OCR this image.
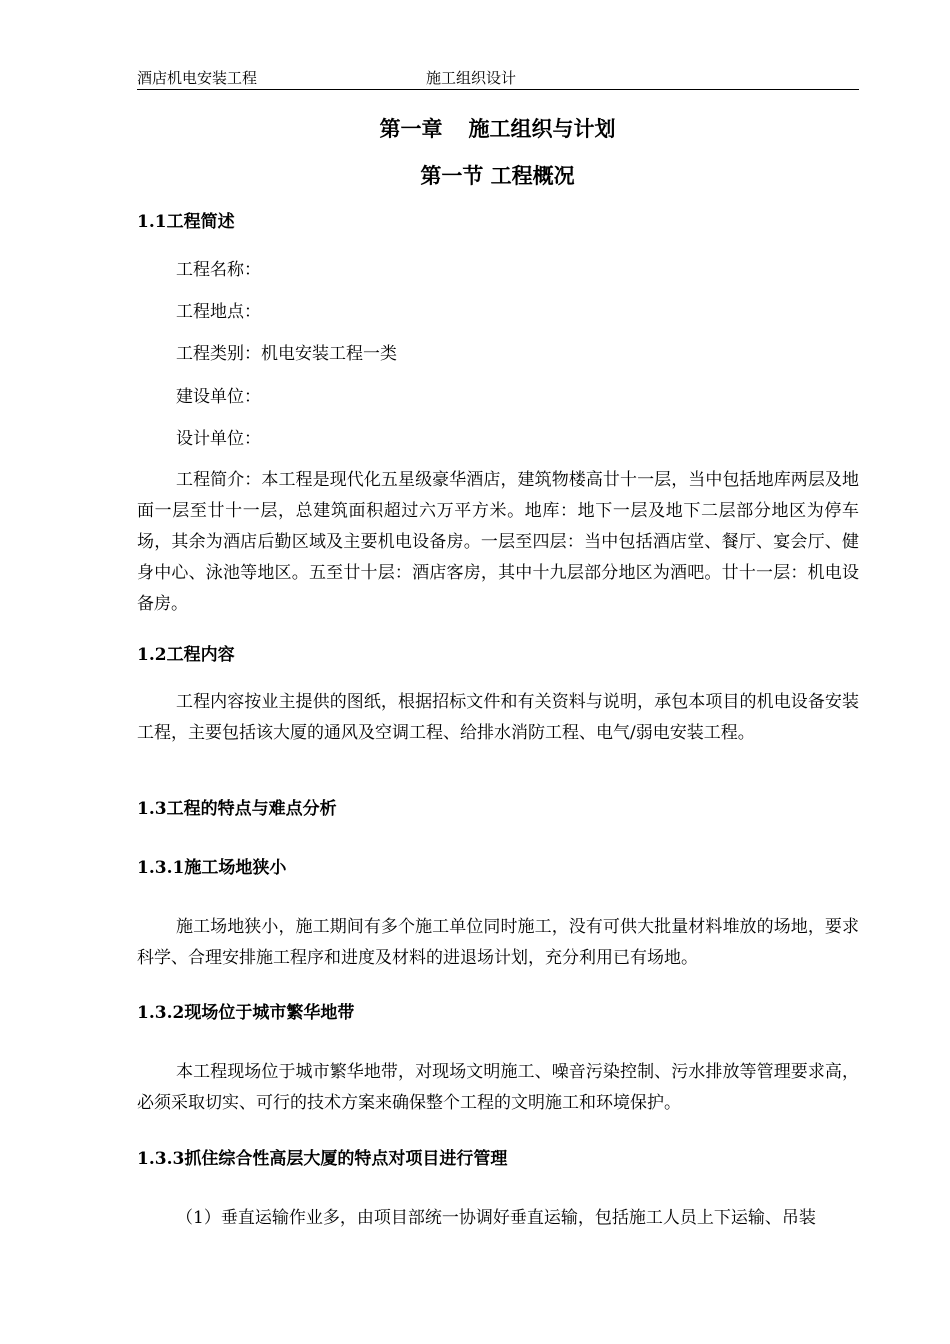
酒店机电安装工程	施工组织设计
第一章 施工组织与计划
第一节 工程概况
1.1工程简述
工程名称：
工程地点：
工程类别：机电安装工程一类
建设单位：
设计单位：

工程简介：本工程是现代化五星级豪华酒店，建筑物楼高廿十一层，当中包括地库两层及地面一层至廿十一层，总建筑面积超过六万平方米。地库：地下一层及地下二层部分地区为停车场，其余为酒店后勤区域及主要机电设备房。一层至四层：当中包括酒店堂、餐厅、宴会厅、健身中心、泳池等地区。五至廿十层：酒店客房，其中十九层部分地区为酒吧。廿十一层：机电设备房。

1.2工程内容

工程内容按业主提供的图纸，根据招标文件和有关资料与说明，承包本项目的机电设备安装工程，主要包括该大厦的通风及空调工程、给排水消防工程、电气/弱电安装工程。

1.3工程的特点与难点分析
1.3.1施工场地狭小

施工场地狭小，施工期间有多个施工单位同时施工，没有可供大批量材料堆放的场地，要求科学、合理安排施工程序和进度及材料的进退场计划，充分利用已有场地。

1.3.2现场位于城市繁华地带

本工程现场位于城市繁华地带，对现场文明施工、噪音污染控制、污水排放等管理要求高，必须采取切实、可行的技术方案来确保整个工程的文明施工和环境保护。

1.3.3抓住综合性高层大厦的特点对项目进行管理

（1）垂直运输作业多，由项目部统一协调好垂直运输，包括施工人员上下运输、吊装
